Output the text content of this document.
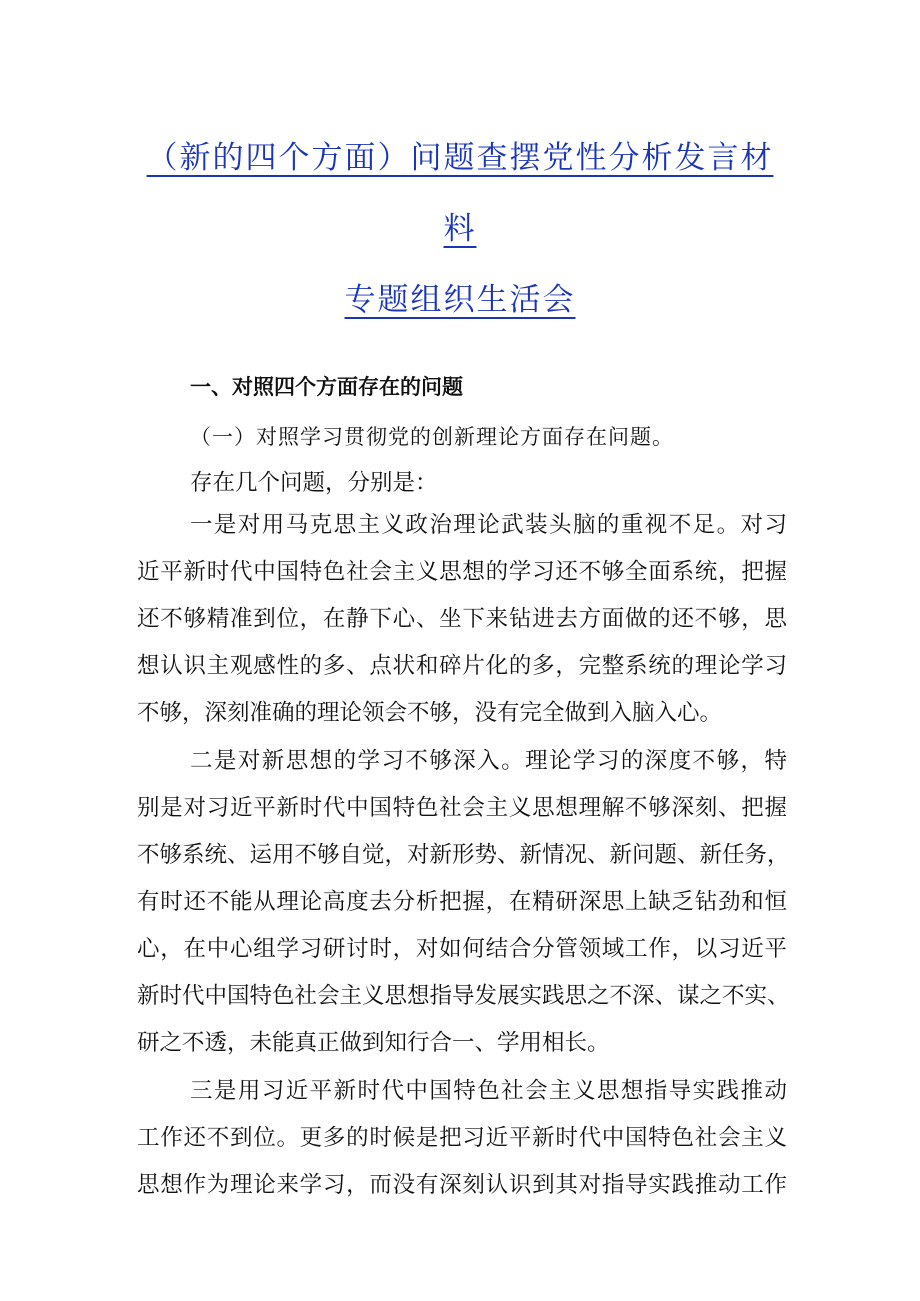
（新的四个方面）问题查摆党性分析发言材
料
专题组织生活会
一、对照四个方面存在的问题
（一）对照学习贯彻党的创新理论方面存在问题。
存在几个问题，分别是：
一是对用马克思主义政治理论武装头脑的重视不足。对习
近平新时代中国特色社会主义思想的学习还不够全面系统，把握
还不够精准到位，在静下心、坐下来钻进去方面做的还不够，思
想认识主观感性的多、点状和碎片化的多，完整系统的理论学习
不够，深刻准确的理论领会不够，没有完全做到入脑入心。
二是对新思想的学习不够深入。理论学习的深度不够，特
别是对习近平新时代中国特色社会主义思想理解不够深刻、把握
不够系统、运用不够自觉，对新形势、新情况、新问题、新任务，
有时还不能从理论高度去分析把握，在精研深思上缺乏钻劲和恒
心，在中心组学习研讨时，对如何结合分管领域工作，以习近平
新时代中国特色社会主义思想指导发展实践思之不深、谋之不实、
研之不透，未能真正做到知行合一、学用相长。
三是用习近平新时代中国特色社会主义思想指导实践推动
工作还不到位。更多的时候是把习近平新时代中国特色社会主义
思想作为理论来学习，而没有深刻认识到其对指导实践推动工作
